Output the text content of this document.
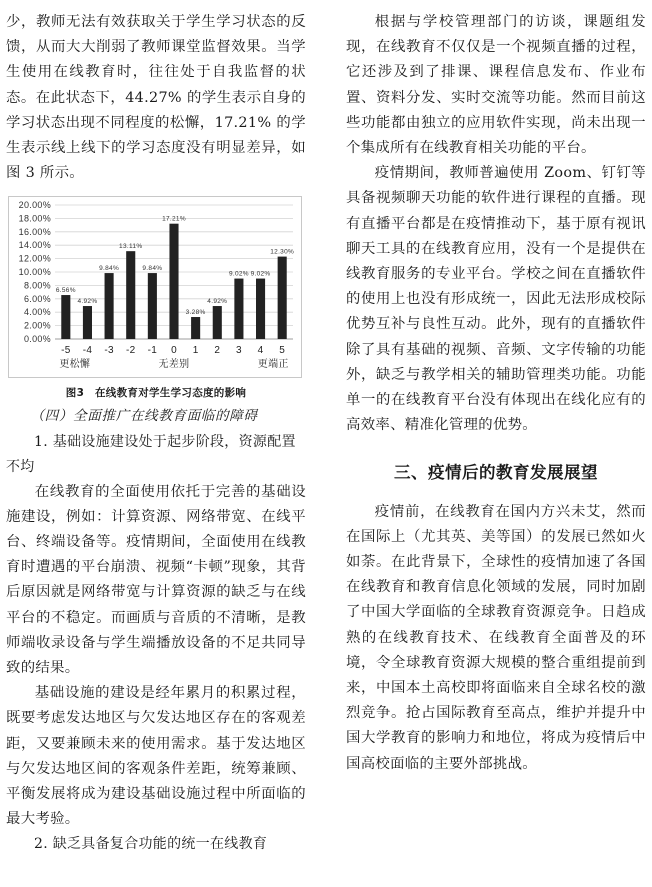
少，教师无法有效获取关于学生学习状态的反馈，从而大大削弱了教师课堂监督效果。当学生使用在线教育时，往往处于自我监督的状态。在此状态下，44.27% 的学生表示自身的学习状态出现不同程度的松懈，17.21% 的学生表示线上线下的学习态度没有明显差异，如图 3 所示。

0.00%
2.00%
4.00%
6.00%
8.00%
10.00%
12.00%
14.00%
16.00%
18.00%
20.00%
6.56%
-5
4.92%
-4
9.84%
-3
13.11%
-2
9.84%
-1
17.21%
0
3.28%
1
4.92%
2
9.02%
3
9.02%
4
12.30%
5
更松懈	无差别	更端正

图3　在线教育对学生学习态度的影响

（四）全面推广在线教育面临的障碍

1. 基础设施建设处于起步阶段，资源配置不均

在线教育的全面使用依托于完善的基础设施建设，例如：计算资源、网络带宽、在线平台、终端设备等。疫情期间，全面使用在线教育时遭遇的平台崩溃、视频“卡顿”现象，其背后原因就是网络带宽与计算资源的缺乏与在线平台的不稳定。而画质与音质的不清晰，是教师端收录设备与学生端播放设备的不足共同导致的结果。

基础设施的建设是经年累月的积累过程，既要考虑发达地区与欠发达地区存在的客观差距，又要兼顾未来的使用需求。基于发达地区与欠发达地区间的客观条件差距，统筹兼顾、平衡发展将成为建设基础设施过程中所面临的最大考验。

2. 缺乏具备复合功能的统一在线教育

根据与学校管理部门的访谈，课题组发现，在线教育不仅仅是一个视频直播的过程，它还涉及到了排课、课程信息发布、作业布置、资料分发、实时交流等功能。然而目前这些功能都由独立的应用软件实现，尚未出现一个集成所有在线教育相关功能的平台。

疫情期间，教师普遍使用 Zoom、钉钉等具备视频聊天功能的软件进行课程的直播。现有直播平台都是在疫情推动下，基于原有视讯聊天工具的在线教育应用，没有一个是提供在线教育服务的专业平台。学校之间在直播软件的使用上也没有形成统一，因此无法形成校际优势互补与良性互动。此外，现有的直播软件除了具有基础的视频、音频、文字传输的功能外，缺乏与教学相关的辅助管理类功能。功能单一的在线教育平台没有体现出在线化应有的高效率、精准化管理的优势。

三、疫情后的教育发展展望

疫情前，在线教育在国内方兴未艾，然而在国际上（尤其英、美等国）的发展已然如火如荼。在此背景下，全球性的疫情加速了各国在线教育和教育信息化领域的发展，同时加剧了中国大学面临的全球教育资源竞争。日趋成熟的在线教育技术、在线教育全面普及的环境，令全球教育资源大规模的整合重组提前到来，中国本土高校即将面临来自全球名校的激烈竞争。抢占国际教育至高点，维护并提升中国大学教育的影响力和地位，将成为疫情后中国高校面临的主要外部挑战。
